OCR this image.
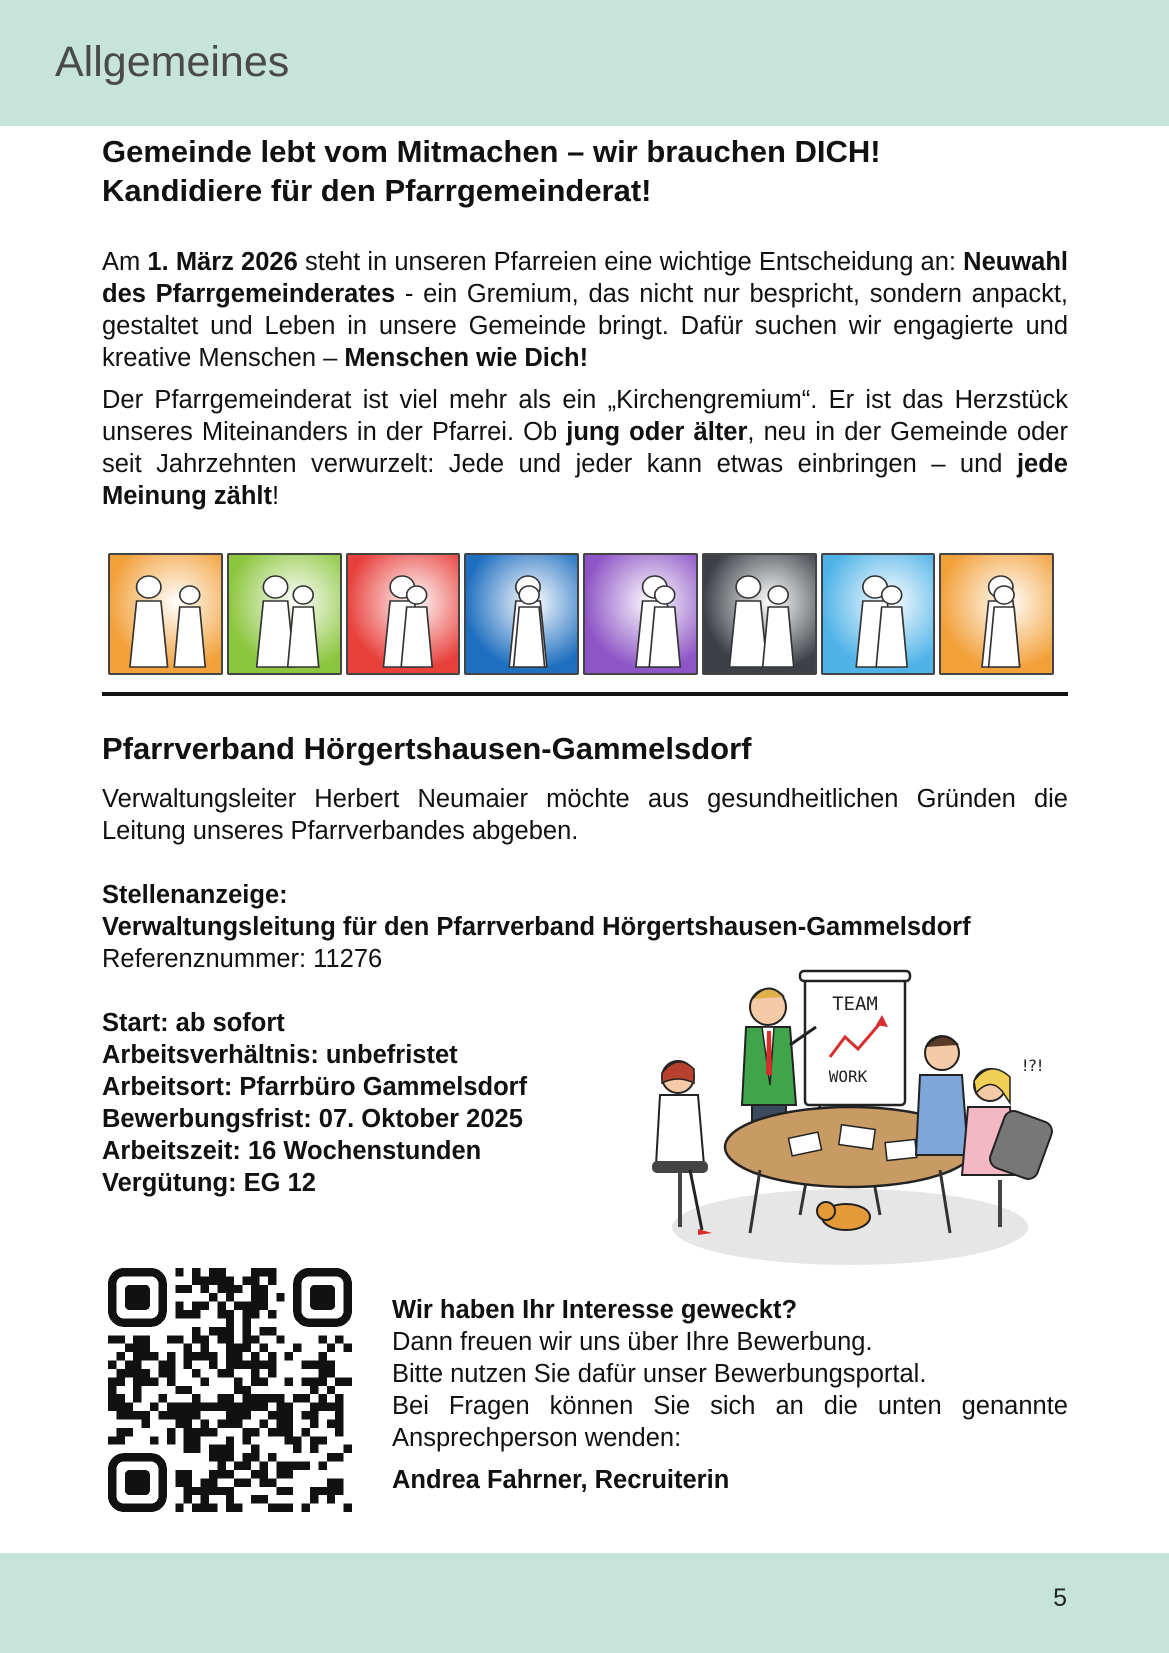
Allgemeines
Gemeinde lebt vom Mitmachen – wir brauchen DICH!
Kandidiere für den Pfarrgemeinderat!

Am 1. März 2026 steht in unseren Pfarreien eine wichtige Entscheidung an: Neuwahl des Pfarrgemeinderates - ein Gremium, das nicht nur bespricht, sondern anpackt, gestaltet und Leben in unsere Gemeinde bringt. Dafür suchen wir engagierte und kreative Menschen – Menschen wie Dich!

Der Pfarrgemeinderat ist viel mehr als ein „Kirchengremium“. Er ist das Herzstück unseres Miteinanders in der Pfarrei. Ob jung oder älter, neu in der Gemeinde oder seit Jahrzehnten verwurzelt: Jede und jeder kann etwas einbringen – und jede Meinung zählt!

Pfarrverband Hörgertshausen-Gammelsdorf

Verwaltungsleiter Herbert Neumaier möchte aus gesundheitlichen Gründen die Leitung unseres Pfarrverbandes abgeben.

Stellenanzeige:
Verwaltungsleitung für den Pfarrverband Hörgertshausen-Gammelsdorf
Referenznummer: 11276
Start: ab sofort
Arbeitsverhältnis: unbefristet
Arbeitsort: Pfarrbüro Gammelsdorf
Bewerbungsfrist: 07. Oktober 2025
Arbeitszeit: 16 Wochenstunden
Vergütung: EG 12
TEAM
WORK
!?!
Wir haben Ihr Interesse geweckt?
Dann freuen wir uns über Ihre Bewerbung.
Bitte nutzen Sie dafür unser Bewerbungsportal.
Bei Fragen können Sie sich an die unten genannte Ansprechperson wenden:
Andrea Fahrner, Recruiterin
5
